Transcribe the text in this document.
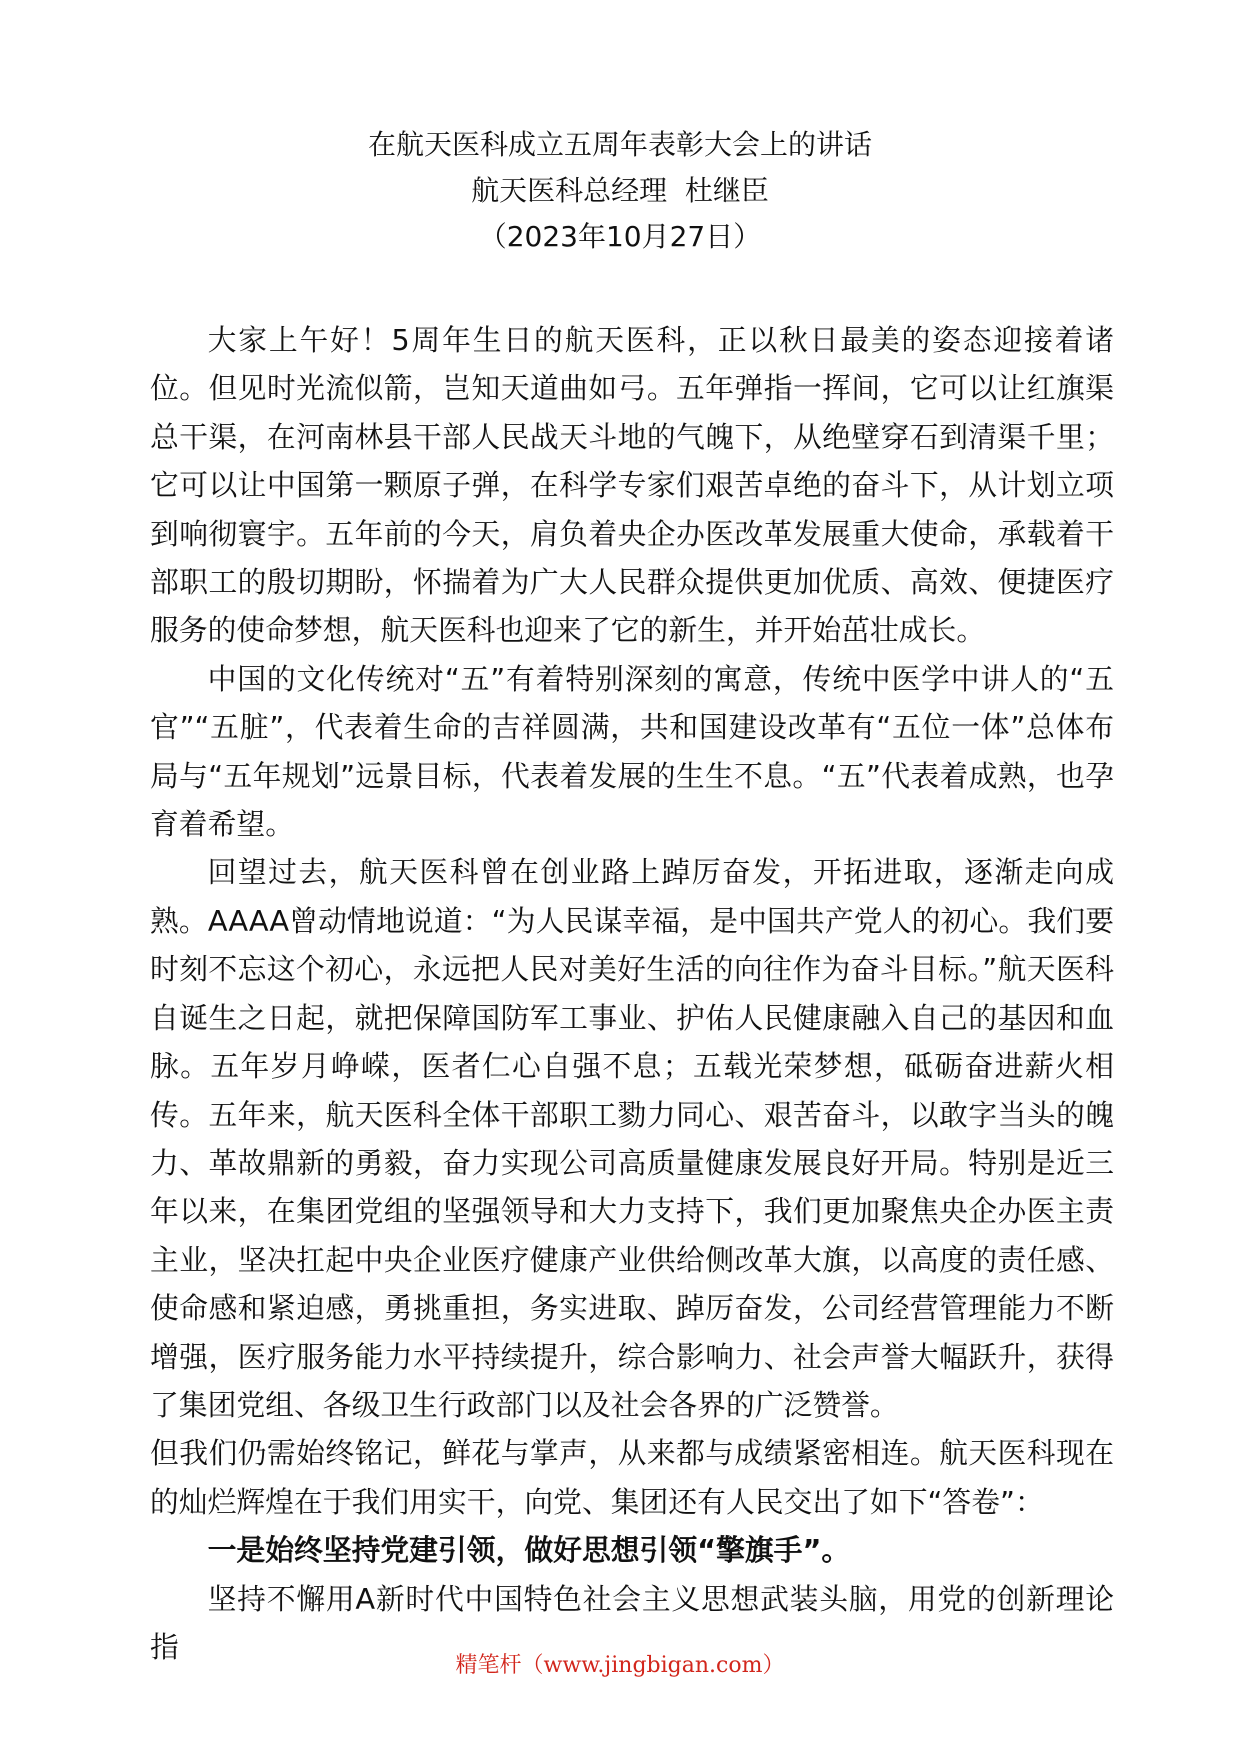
在航天医科成立五周年表彰大会上的讲话
航天医科总经理  杜继臣
（2023年10月27日）

大家上午好！5周年生日的航天医科，正以秋日最美的姿态迎接着诸位。但见时光流似箭，岂知天道曲如弓。五年弹指一挥间，它可以让红旗渠总干渠，在河南林县干部人民战天斗地的气魄下，从绝壁穿石到清渠千里；它可以让中国第一颗原子弹，在科学专家们艰苦卓绝的奋斗下，从计划立项到响彻寰宇。五年前的今天，肩负着央企办医改革发展重大使命，承载着干部职工的殷切期盼，怀揣着为广大人民群众提供更加优质、高效、便捷医疗服务的使命梦想，航天医科也迎来了它的新生，并开始茁壮成长。

中国的文化传统对“五”有着特别深刻的寓意，传统中医学中讲人的“五官”“五脏”，代表着生命的吉祥圆满，共和国建设改革有“五位一体”总体布局与“五年规划”远景目标，代表着发展的生生不息。“五”代表着成熟，也孕育着希望。

回望过去，航天医科曾在创业路上踔厉奋发，开拓进取，逐渐走向成熟。AAAA曾动情地说道：“为人民谋幸福，是中国共产党人的初心。我们要时刻不忘这个初心，永远把人民对美好生活的向往作为奋斗目标。”航天医科自诞生之日起，就把保障国防军工事业、护佑人民健康融入自己的基因和血脉。五年岁月峥嵘，医者仁心自强不息；五载光荣梦想，砥砺奋进薪火相传。五年来，航天医科全体干部职工勠力同心、艰苦奋斗，以敢字当头的魄力、革故鼎新的勇毅，奋力实现公司高质量健康发展良好开局。特别是近三年以来，在集团党组的坚强领导和大力支持下，我们更加聚焦央企办医主责主业，坚决扛起中央企业医疗健康产业供给侧改革大旗，以高度的责任感、使命感和紧迫感，勇挑重担，务实进取、踔厉奋发，公司经营管理能力不断增强，医疗服务能力水平持续提升，综合影响力、社会声誉大幅跃升，获得了集团党组、各级卫生行政部门以及社会各界的广泛赞誉。

但我们仍需始终铭记，鲜花与掌声，从来都与成绩紧密相连。航天医科现在的灿烂辉煌在于我们用实干，向党、集团还有人民交出了如下“答卷”：

一是始终坚持党建引领，做好思想引领“擎旗手”。

坚持不懈用A新时代中国特色社会主义思想武装头脑，用党的创新理论指

精笔杆（www.jingbigan.com）
